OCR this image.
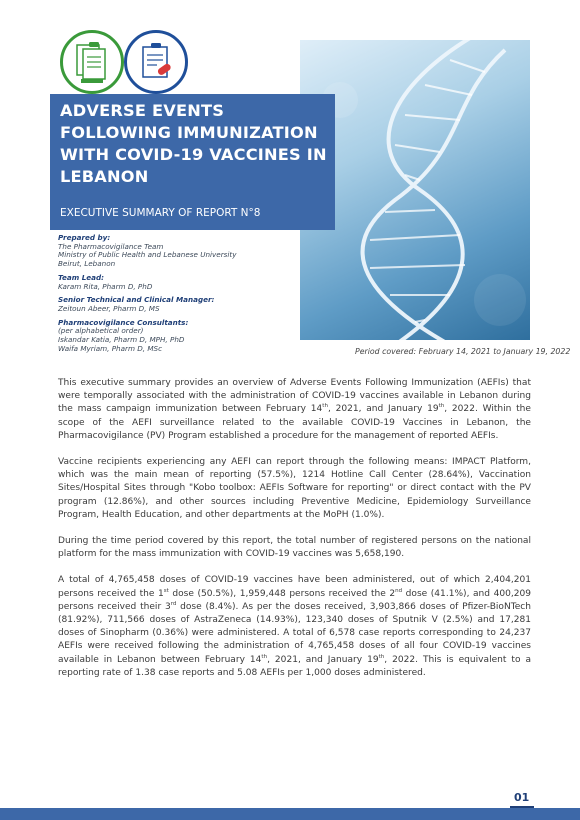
ADVERSE EVENTS FOLLOWING IMMUNIZATION WITH COVID-19 VACCINES IN LEBANON

EXECUTIVE SUMMARY OF REPORT N°8

Prepared by:
The Pharmacovigilance Team
Ministry of Public Health and Lebanese University
Beirut, Lebanon
Team Lead:
Karam Rita, Pharm D, PhD
Senior Technical and Clinical Manager:
Zeitoun Abeer, Pharm D, MS
Pharmacovigilance Consultants:
(per alphabetical order)
Iskandar Katia, Pharm D, MPH, PhD
Waifa Myriam, Pharm D, MSc	Period covered: February 14, 2021 to January 19, 2022

This executive summary provides an overview of Adverse Events Following Immunization (AEFIs) that were temporally associated with the administration of COVID-19 vaccines available in Lebanon during the mass campaign immunization between February 14th, 2021, and January 19th, 2022. Within the scope of the AEFI surveillance related to the available COVID-19 Vaccines in Lebanon, the Pharmacovigilance (PV) Program established a procedure for the management of reported AEFIs.

Vaccine recipients experiencing any AEFI can report through the following means: IMPACT Platform, which was the main mean of reporting (57.5%), 1214 Hotline Call Center (28.64%), Vaccination Sites/Hospital Sites through "Kobo toolbox: AEFIs Software for reporting" or direct contact with the PV program (12.86%), and other sources including Preventive Medicine, Epidemiology Surveillance Program, Health Education, and other departments at the MoPH (1.0%).

During the time period covered by this report, the total number of registered persons on the national platform for the mass immunization with COVID-19 vaccines was 5,658,190.

A total of 4,765,458 doses of COVID-19 vaccines have been administered, out of which 2,404,201 persons received the 1st dose (50.5%), 1,959,448 persons received the 2nd dose (41.1%), and 400,209 persons received their 3rd dose (8.4%). As per the doses received, 3,903,866 doses of Pfizer-BioNTech (81.92%), 711,566 doses of AstraZeneca (14.93%), 123,340 doses of Sputnik V (2.5%) and 17,281 doses of Sinopharm (0.36%) were administered. A total of 6,578 case reports corresponding to 24,237 AEFIs were received following the administration of 4,765,458 doses of all four COVID-19 vaccines available in Lebanon between February 14th, 2021, and January 19th, 2022. This is equivalent to a reporting rate of 1.38 case reports and 5.08 AEFIs per 1,000 doses administered.

01
